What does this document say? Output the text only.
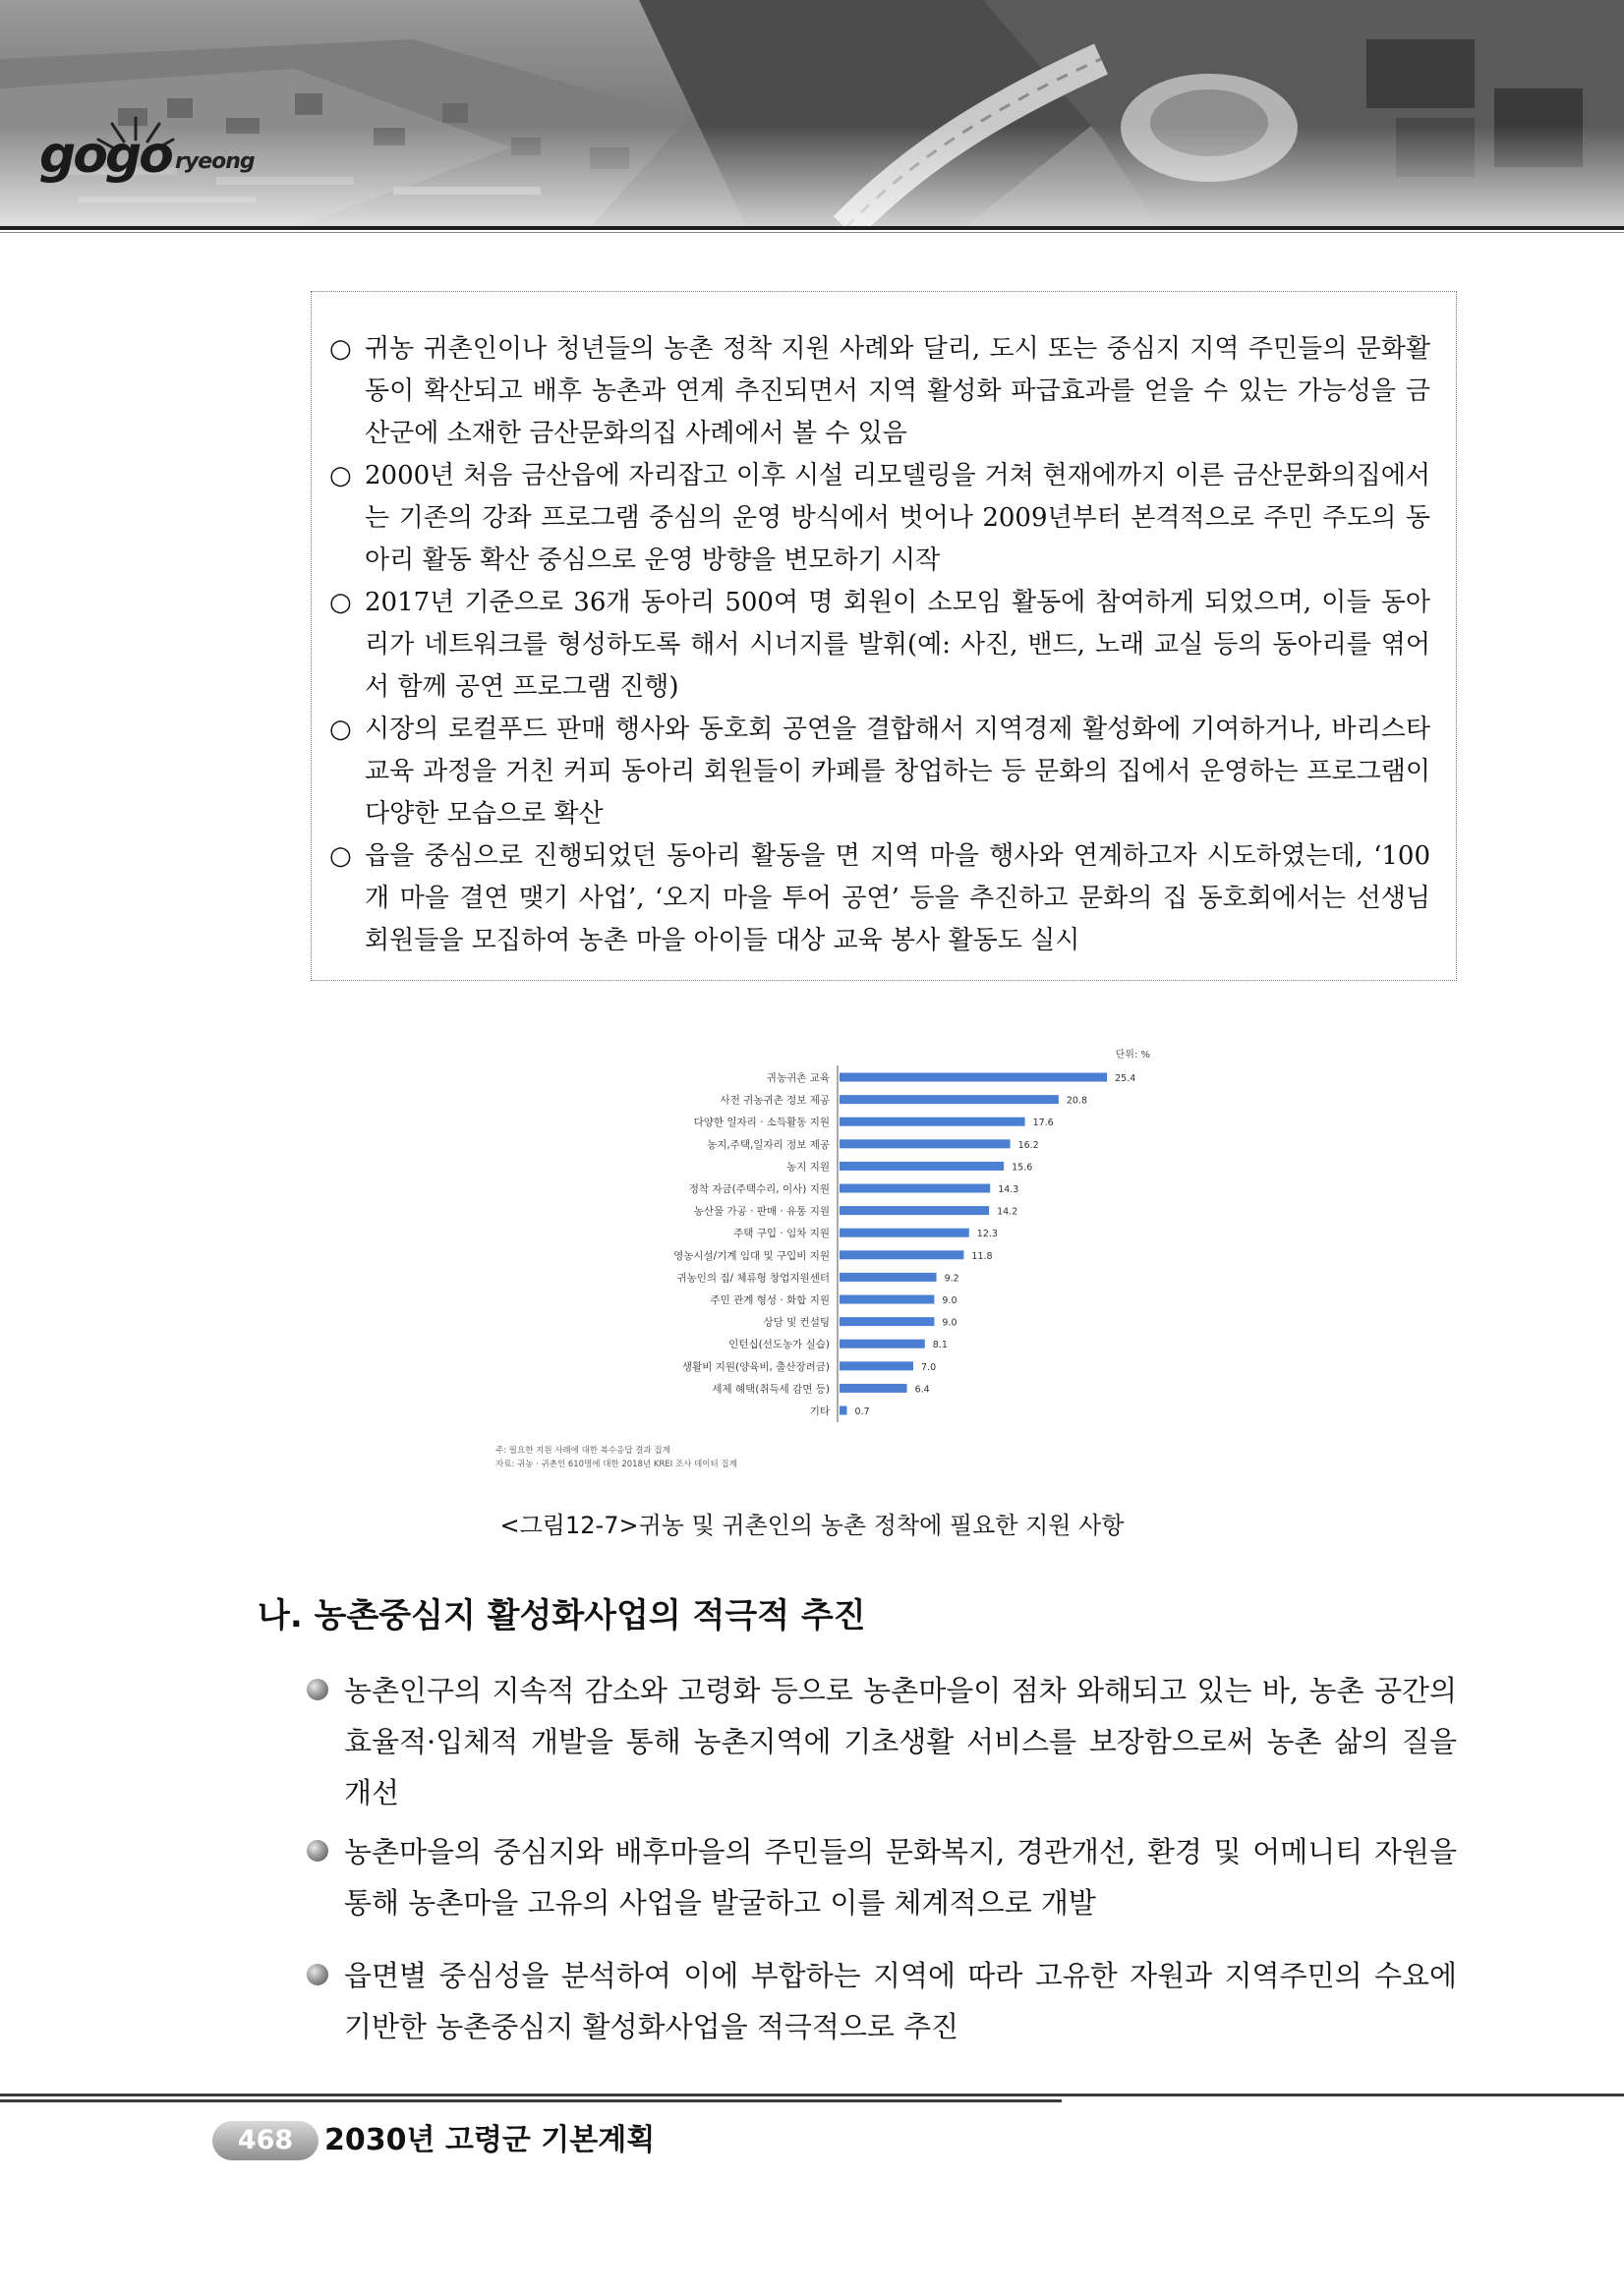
gogo ryeong
○ 귀농 귀촌인이나 청년들의 농촌 정착 지원 사례와 달리, 도시 또는 중심지 지역 주민들의 문화활동이 확산되고 배후 농촌과 연계 추진되면서 지역 활성화 파급효과를 얻을 수 있는 가능성을 금산군에 소재한 금산문화의집 사례에서 볼 수 있음
○ 2000년 처음 금산읍에 자리잡고 이후 시설 리모델링을 거쳐 현재에까지 이른 금산문화의집에서는 기존의 강좌 프로그램 중심의 운영 방식에서 벗어나 2009년부터 본격적으로 주민 주도의 동아리 활동 확산 중심으로 운영 방향을 변모하기 시작
○ 2017년 기준으로 36개 동아리 500여 명 회원이 소모임 활동에 참여하게 되었으며, 이들 동아리가 네트워크를 형성하도록 해서 시너지를 발휘(예: 사진, 밴드, 노래 교실 등의 동아리를 엮어서 함께 공연 프로그램 진행)
○ 시장의 로컬푸드 판매 행사와 동호회 공연을 결합해서 지역경제 활성화에 기여하거나, 바리스타 교육 과정을 거친 커피 동아리 회원들이 카페를 창업하는 등 문화의 집에서 운영하는 프로그램이 다양한 모습으로 확산
○ 읍을 중심으로 진행되었던 동아리 활동을 면 지역 마을 행사와 연계하고자 시도하였는데, ‘100개 마을 결연 맺기 사업’, ‘오지 마을 투어 공연’ 등을 추진하고 문화의 집 동호회에서는 선생님 회원들을 모집하여 농촌 마을 아이들 대상 교육 봉사 활동도 실시
단위: %
귀농귀촌 교육	25.4
사전 귀농귀촌 정보 제공	20.8
다양한 일자리 · 소득활동 지원	17.6
농지,주택,일자리 정보 제공	16.2
농지 지원	15.6
정착 자금(주택수리, 이사) 지원	14.3
농산물 가공 · 판매 · 유통 지원	14.2
주택 구입 · 임차 지원	12.3
영농시설/기계 임대 및 구입비 지원	11.8
귀농인의 집/ 체류형 창업지원센터	9.2
주민 관계 형성 · 화합 지원	9.0
상담 및 컨설팅	9.0
인턴십(선도농가 실습)	8.1
생활비 지원(양육비, 출산장려금)	7.0
세제 혜택(취득세 감면 등)	6.4
기타	0.7
주: 필요한 지원 사례에 대한 복수응답 결과 집계
자료: 귀농 · 귀촌인 610명에 대한 2018년 KREI 조사 데이터 집계
<그림12-7>귀농 및 귀촌인의 농촌 정착에 필요한 지원 사항
나. 농촌중심지 활성화사업의 적극적 추진
농촌인구의 지속적 감소와 고령화 등으로 농촌마을이 점차 와해되고 있는 바, 농촌 공간의 효율적·입체적 개발을 통해 농촌지역에 기초생활 서비스를 보장함으로써 농촌 삶의 질을 개선
농촌마을의 중심지와 배후마을의 주민들의 문화복지, 경관개선, 환경 및 어메니티 자원을 통해 농촌마을 고유의 사업을 발굴하고 이를 체계적으로 개발
읍면별 중심성을 분석하여 이에 부합하는 지역에 따라 고유한 자원과 지역주민의 수요에 기반한 농촌중심지 활성화사업을 적극적으로 추진
468	2030년 고령군 기본계획
